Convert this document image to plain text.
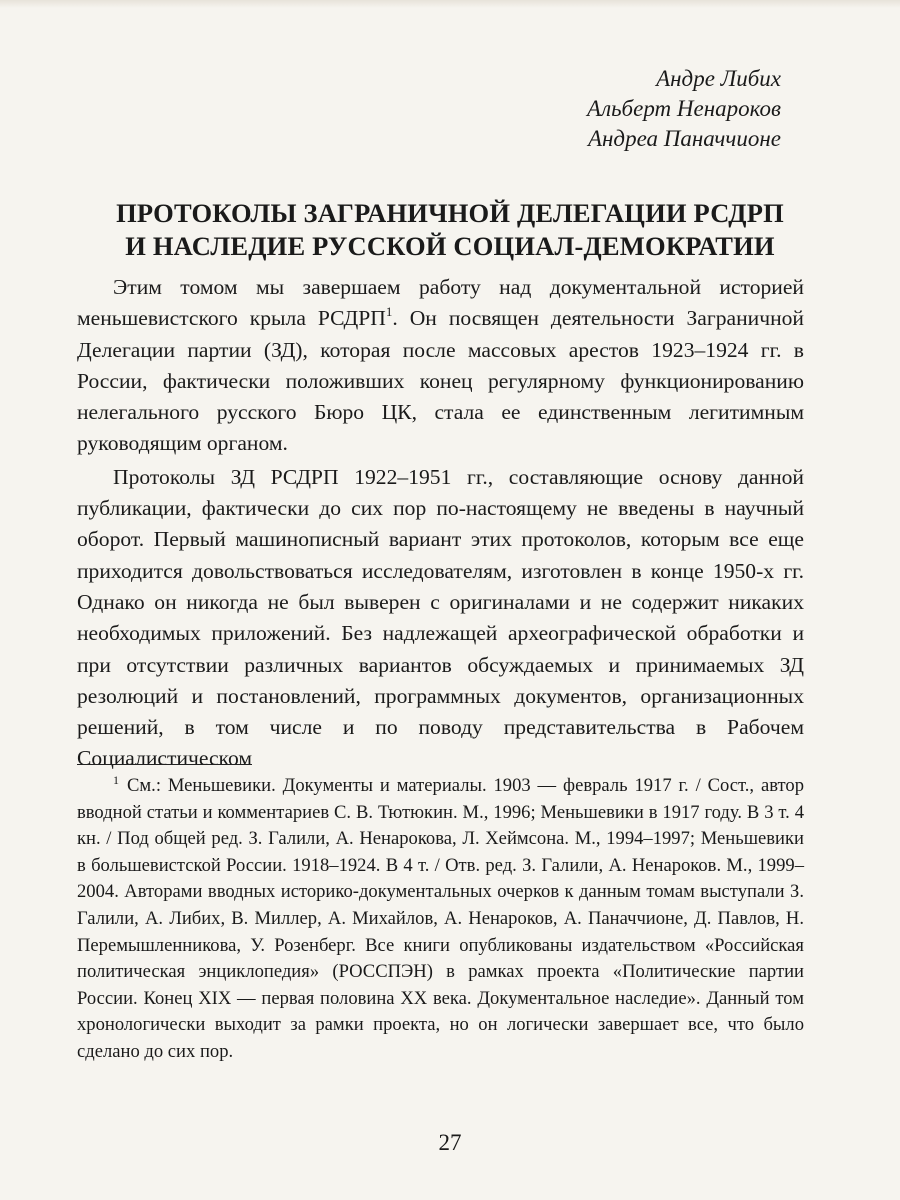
Андре Либих
Альберт Ненароков
Андреа Паначчионе
ПРОТОКОЛЫ ЗАГРАНИЧНОЙ ДЕЛЕГАЦИИ РСДРП
И НАСЛЕДИЕ РУССКОЙ СОЦИАЛ-ДЕМОКРАТИИ

Этим томом мы завершаем работу над документальной историей меньшевистского крыла РСДРП$^1$. Он посвящен деятельности Заграничной Делегации партии (ЗД), которая после массовых арестов 1923–1924 гг. в России, фактически положивших конец регулярному функционированию нелегального русского Бюро ЦК, стала ее единственным легитимным руководящим органом.

Протоколы ЗД РСДРП 1922–1951 гг., составляющие основу данной публикации, фактически до сих пор по-настоящему не введены в научный оборот. Первый машинописный вариант этих протоколов, которым все еще приходится довольствоваться исследователям, изготовлен в конце 1950-х гг. Однако он никогда не был выверен с оригиналами и не содержит никаких необходимых приложений. Без надлежащей археографической обработки и при отсутствии различных вариантов обсуждаемых и принимаемых ЗД резолюций и постановлений, программных документов, организационных решений, в том числе и по поводу представительства в Рабочем Социалистическом

$^1$ См.: Меньшевики. Документы и материалы. 1903 — февраль 1917 г. / Сост., автор вводной статьи и комментариев С. В. Тютюкин. М., 1996; Меньшевики в 1917 году. В 3 т. 4 кн. / Под общей ред. З. Галили, А. Ненарокова, Л. Хеймсона. М., 1994–1997; Меньшевики в большевистской России. 1918–1924. В 4 т. / Отв. ред. З. Галили, А. Ненароков. М., 1999–2004. Авторами вводных историко-документальных очерков к данным томам выступали З. Галили, А. Либих, В. Миллер, А. Михайлов, А. Ненароков, А. Паначчионе, Д. Павлов, Н. Перемышленникова, У. Розенберг. Все книги опубликованы издательством «Российская политическая энциклопедия» (РОССПЭН) в рамках проекта «Политические партии России. Конец XIX — первая половина XX века. Документальное наследие». Данный том хронологически выходит за рамки проекта, но он логически завершает все, что было сделано до сих пор.

27
